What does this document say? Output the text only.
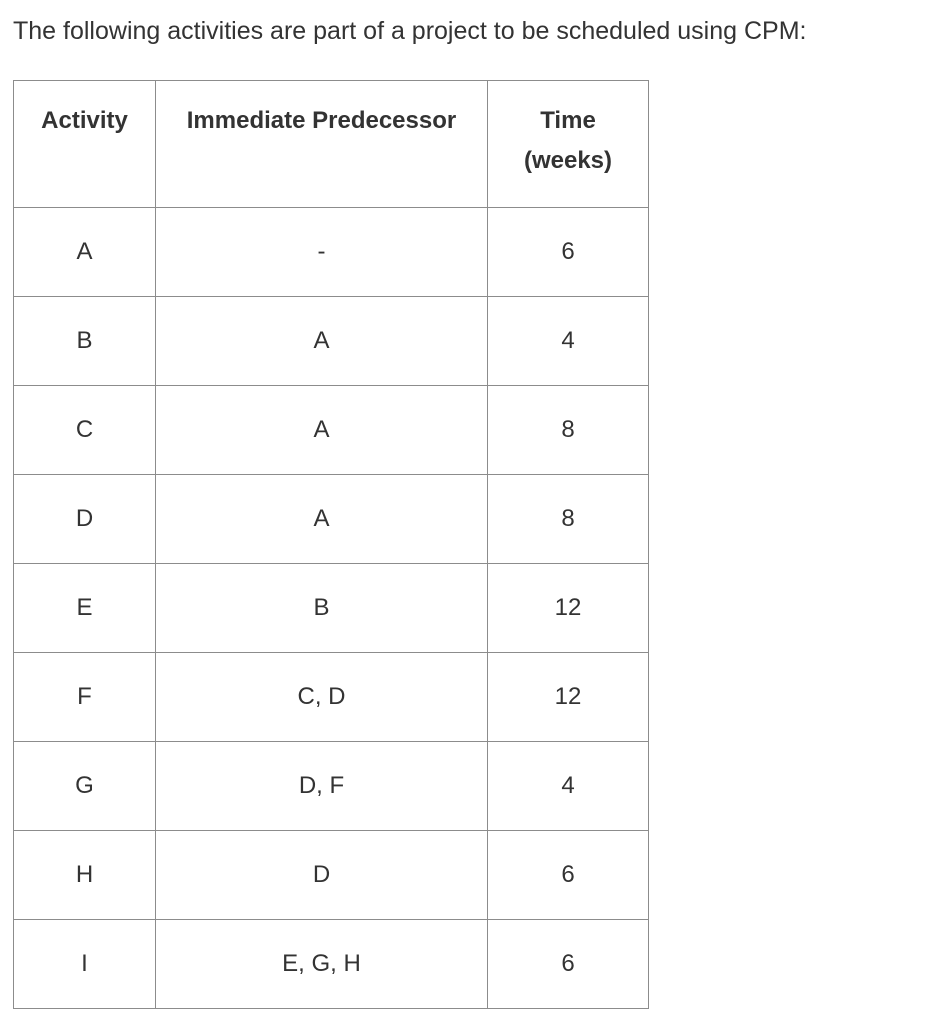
The following activities are part of a project to be scheduled using CPM:
Activity	Immediate Predecessor	Time
(weeks)

A	-	6
B	A	4
C	A	8
D	A	8
E	B	12
F	C, D	12
G	D, F	4
H	D	6
I	E, G, H	6
